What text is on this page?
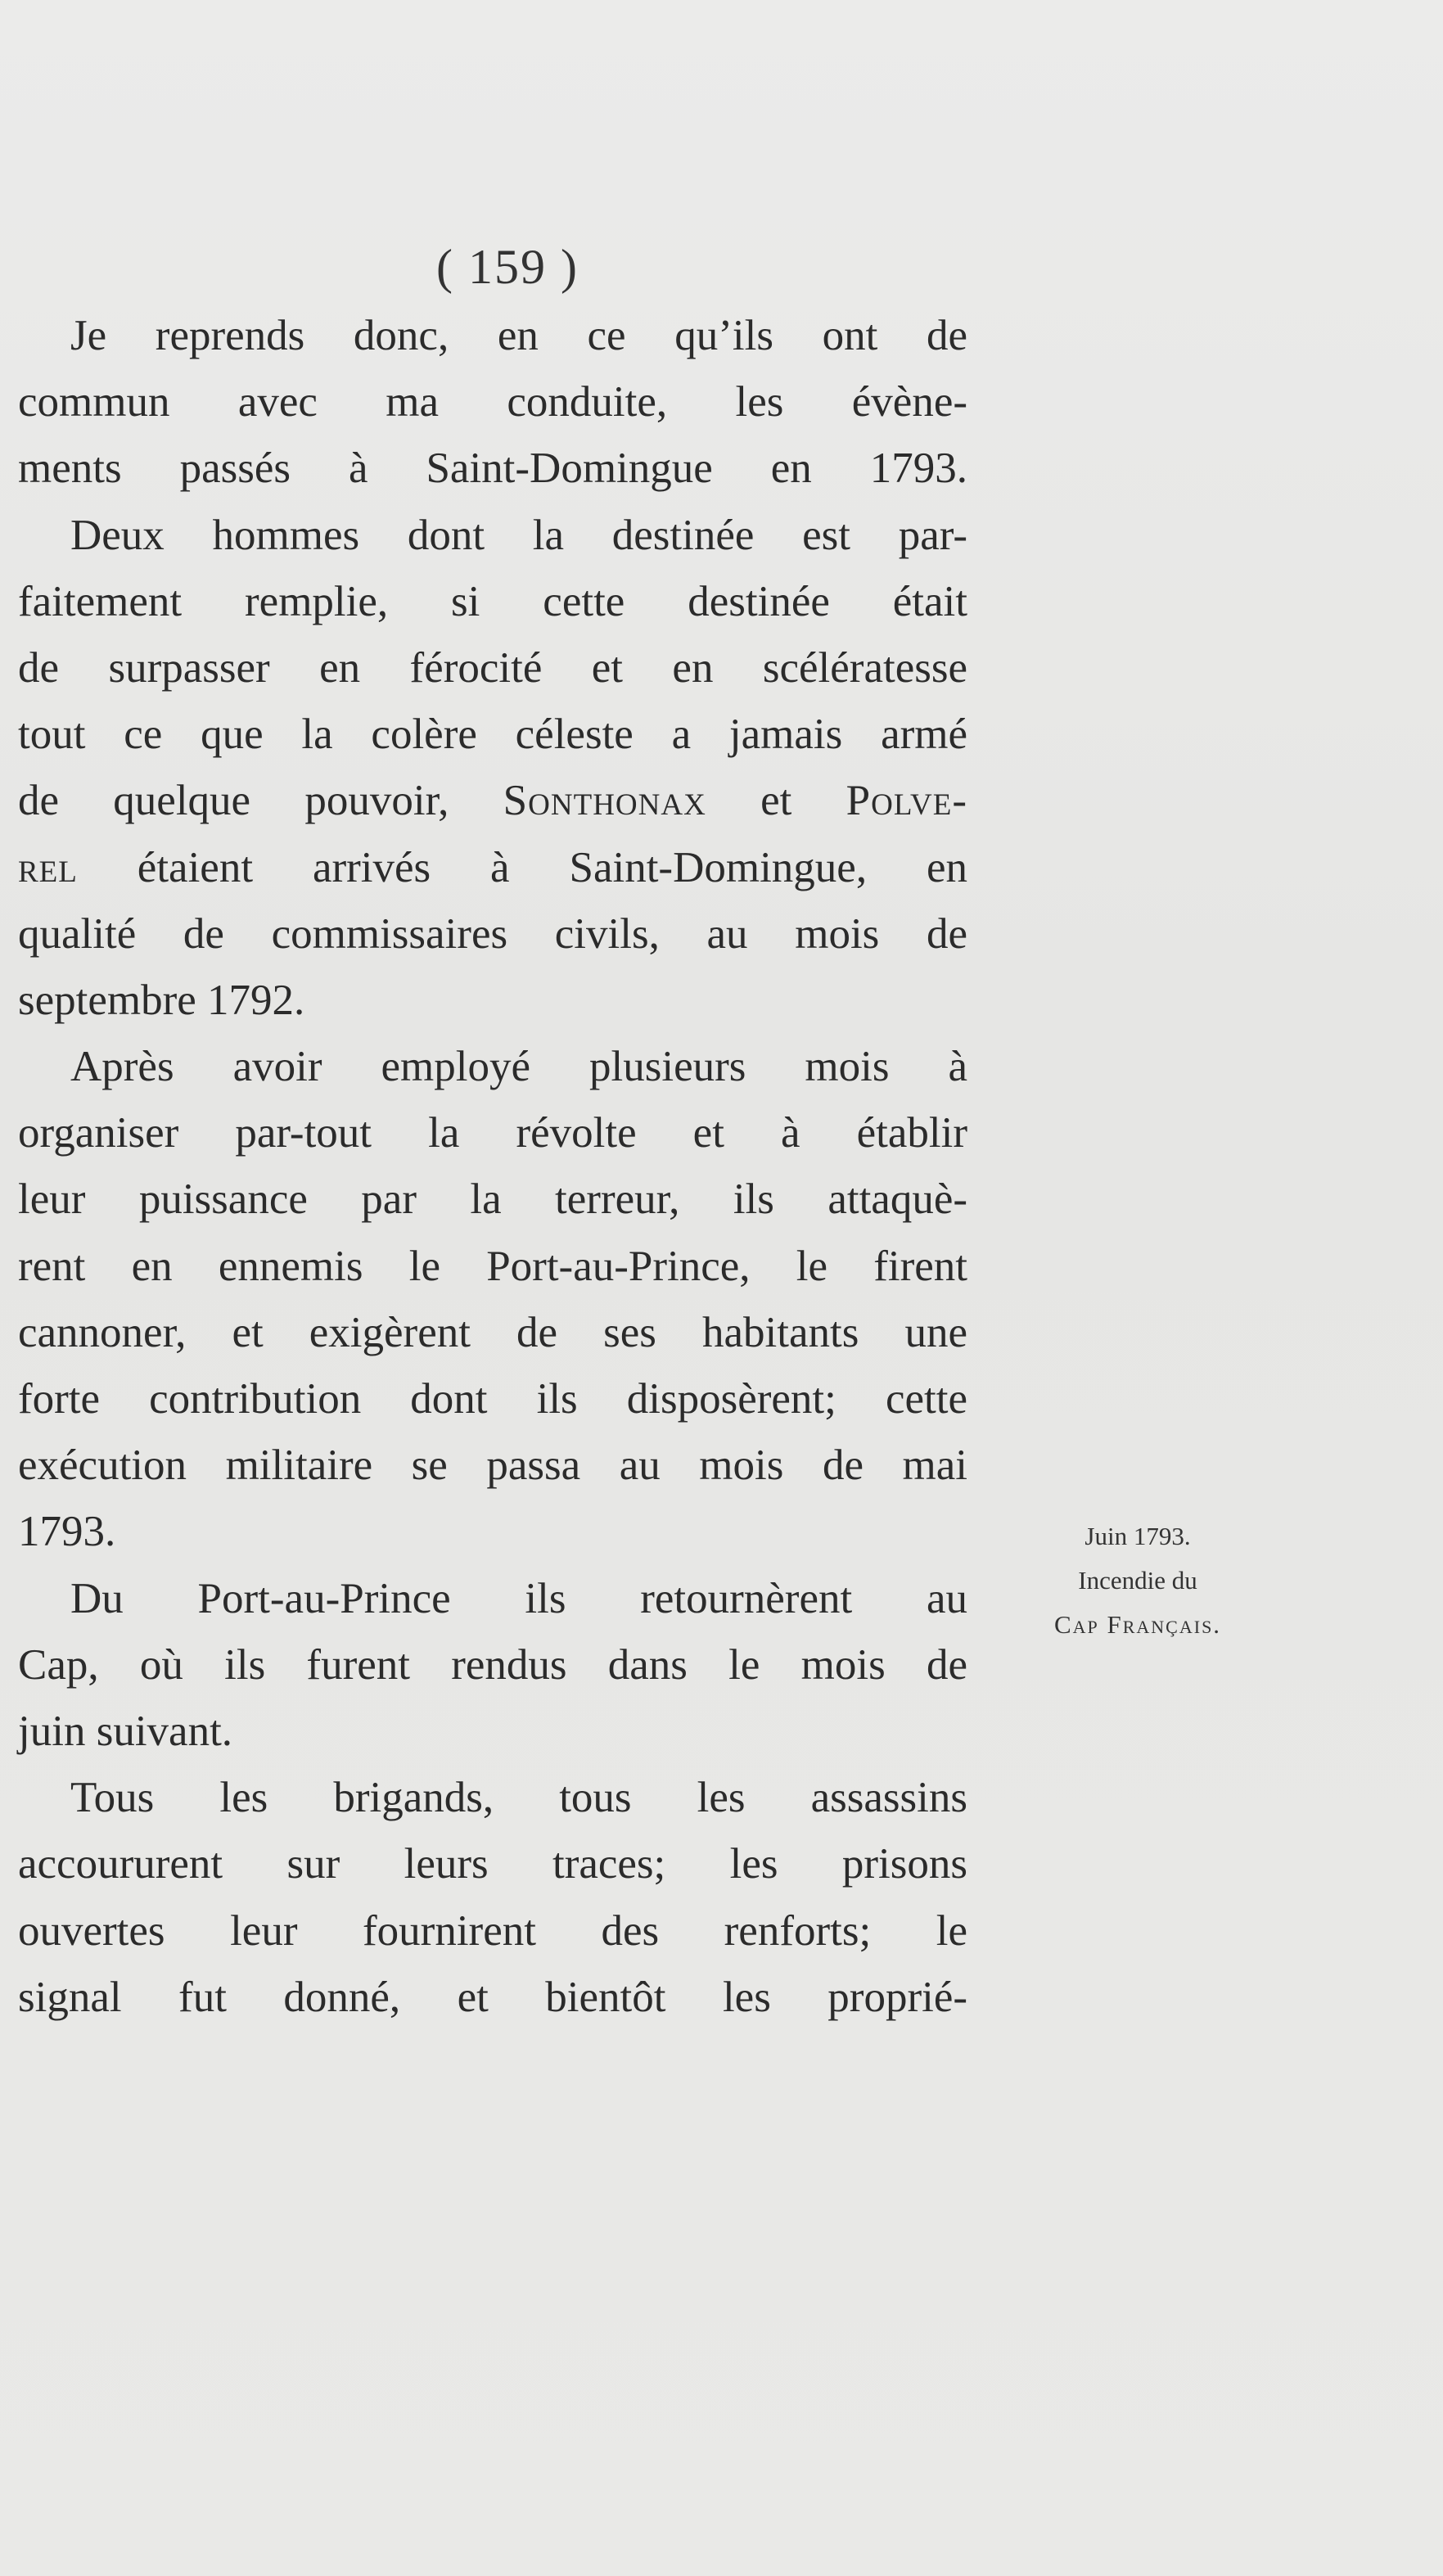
( 159 )
Je reprends donc, en ce qu’ils ont de
commun avec ma conduite, les évène-
ments passés à Saint-Domingue en 1793.
Deux hommes dont la destinée est par-
faitement remplie, si cette destinée était
de surpasser en férocité et en scélératesse
tout ce que la colère céleste a jamais armé
de quelque pouvoir, Sonthonax et Polve-
rel étaient arrivés à Saint-Domingue, en
qualité de commissaires civils, au mois de
septembre 1792.
Après avoir employé plusieurs mois à
organiser par-tout la révolte et à établir
leur puissance par la terreur, ils attaquè-
rent en ennemis le Port-au-Prince, le firent
cannoner, et exigèrent de ses habitants une
forte contribution dont ils disposèrent; cette
exécution militaire se passa au mois de mai
1793.
Du Port-au-Prince ils retournèrent au
Cap, où ils furent rendus dans le mois de
juin suivant.
Tous les brigands, tous les assassins
accoururent sur leurs traces; les prisons
ouvertes leur fournirent des renforts; le
signal fut donné, et bientôt les proprié-
Juin 1793.
Incendie du
Cap Français.
